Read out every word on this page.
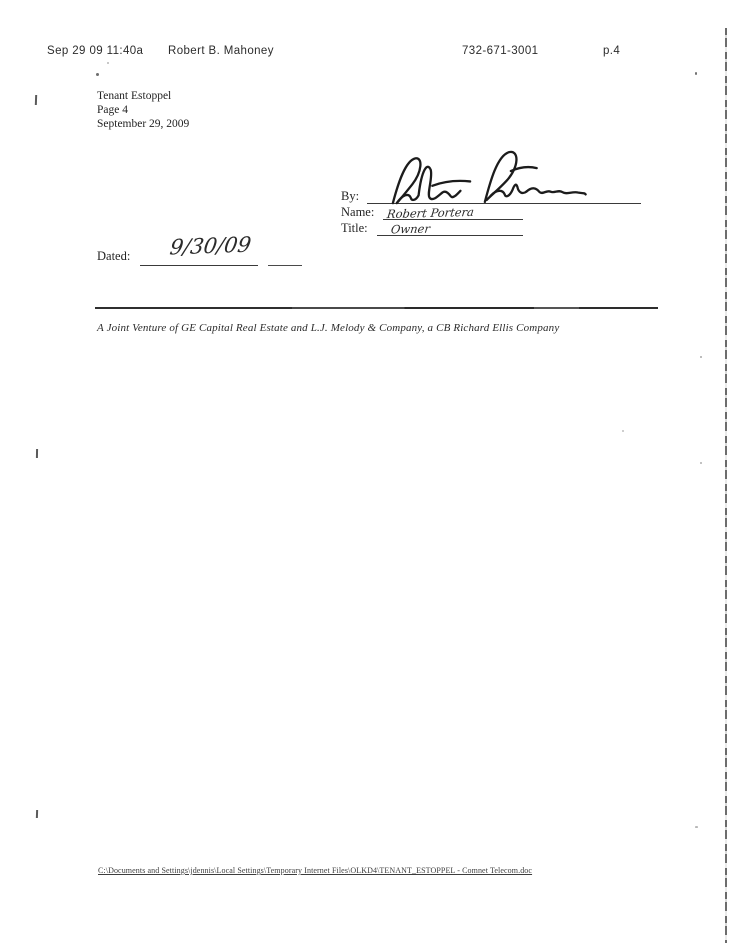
Sep 29 09 11:40a Robert B. Mahoney	732-671-3001	p.4
Tenant Estoppel
Page 4
September 29, 2009
By:
Name: Robert Portera
Title: Owner
Dated: 9/30/09
A Joint Venture of GE Capital Real Estate and L.J. Melody & Company, a CB Richard Ellis Company
C:\Documents and Settings\jdennis\Local Settings\Temporary Internet Files\OLKD4\TENANT_ESTOPPEL - Comnet Telecom.doc
